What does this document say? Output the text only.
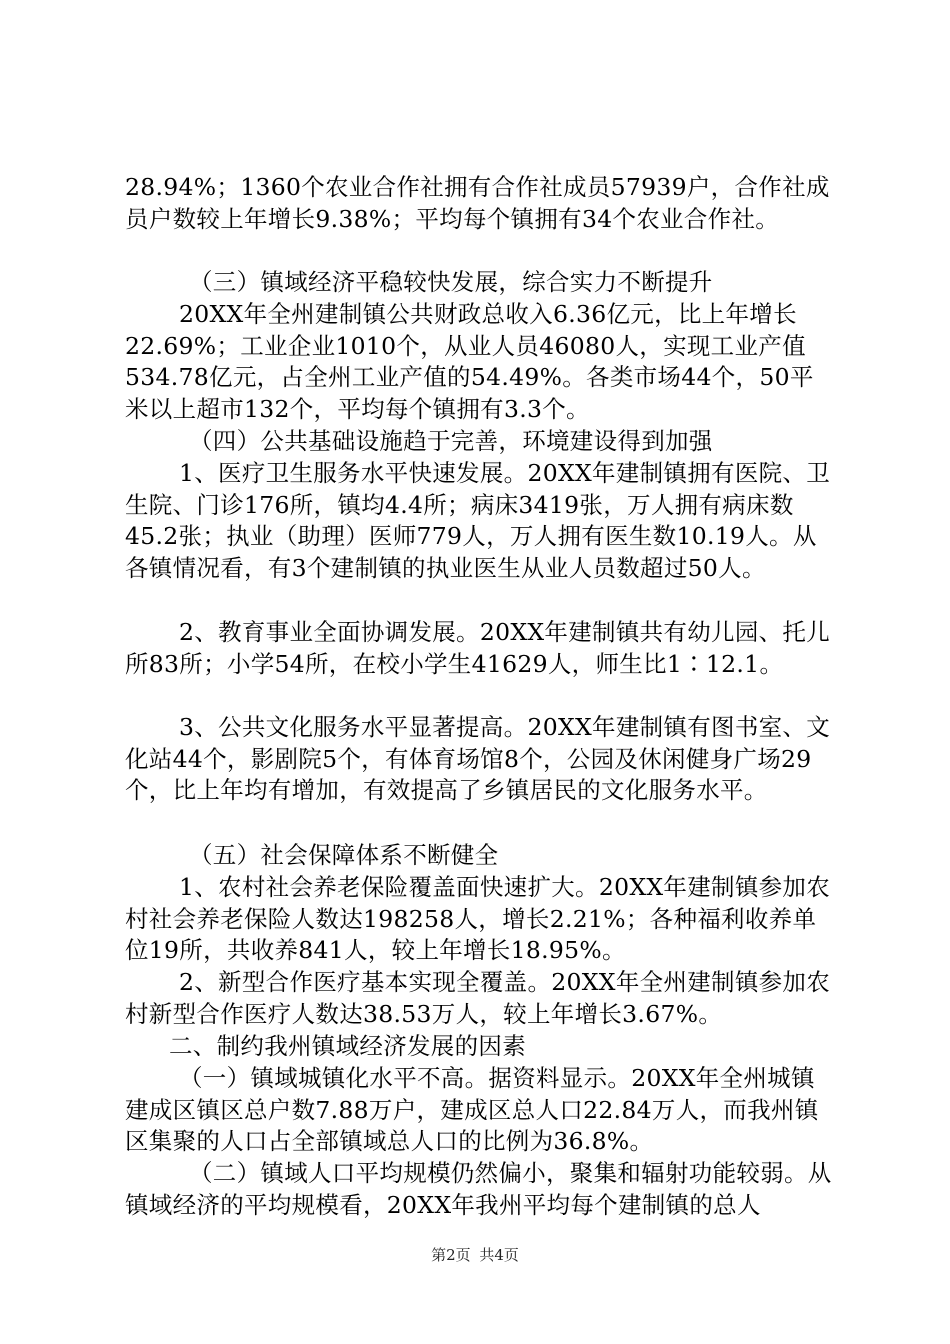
28.94%；1360个农业合作社拥有合作社成员57939户，合作社成员户数较上年增长9.38%；平均每个镇拥有34个农业合作社。

（三）镇域经济平稳较快发展，综合实力不断提升

20XX年全州建制镇公共财政总收入6.36亿元，比上年增长22.69%；工业企业1010个，从业人员46080人，实现工业产值534.78亿元，占全州工业产值的54.49%。各类市场44个，50平米以上超市132个，平均每个镇拥有3.3个。

（四）公共基础设施趋于完善，环境建设得到加强

1、医疗卫生服务水平快速发展。20XX年建制镇拥有医院、卫生院、门诊176所，镇均4.4所；病床3419张，万人拥有病床数45.2张；执业（助理）医师779人，万人拥有医生数10.19人。从各镇情况看，有3个建制镇的执业医生从业人员数超过50人。

2、教育事业全面协调发展。20XX年建制镇共有幼儿园、托儿所83所；小学54所，在校小学生41629人，师生比1∶12.1。

3、公共文化服务水平显著提高。20XX年建制镇有图书室、文化站44个，影剧院5个，有体育场馆8个，公园及休闲健身广场29个，比上年均有增加，有效提高了乡镇居民的文化服务水平。

（五）社会保障体系不断健全

1、农村社会养老保险覆盖面快速扩大。20XX年建制镇参加农村社会养老保险人数达198258人，增长2.21%；各种福利收养单位19所，共收养841人，较上年增长18.95%。

2、新型合作医疗基本实现全覆盖。20XX年全州建制镇参加农村新型合作医疗人数达38.53万人，较上年增长3.67%。

二、制约我州镇域经济发展的因素

（一）镇域城镇化水平不高。据资料显示。20XX年全州城镇建成区镇区总户数7.88万户，建成区总人口22.84万人，而我州镇区集聚的人口占全部镇域总人口的比例为36.8%。

（二）镇域人口平均规模仍然偏小，聚集和辐射功能较弱。从镇域经济的平均规模看，20XX年我州平均每个建制镇的总人

第2页 共4页
